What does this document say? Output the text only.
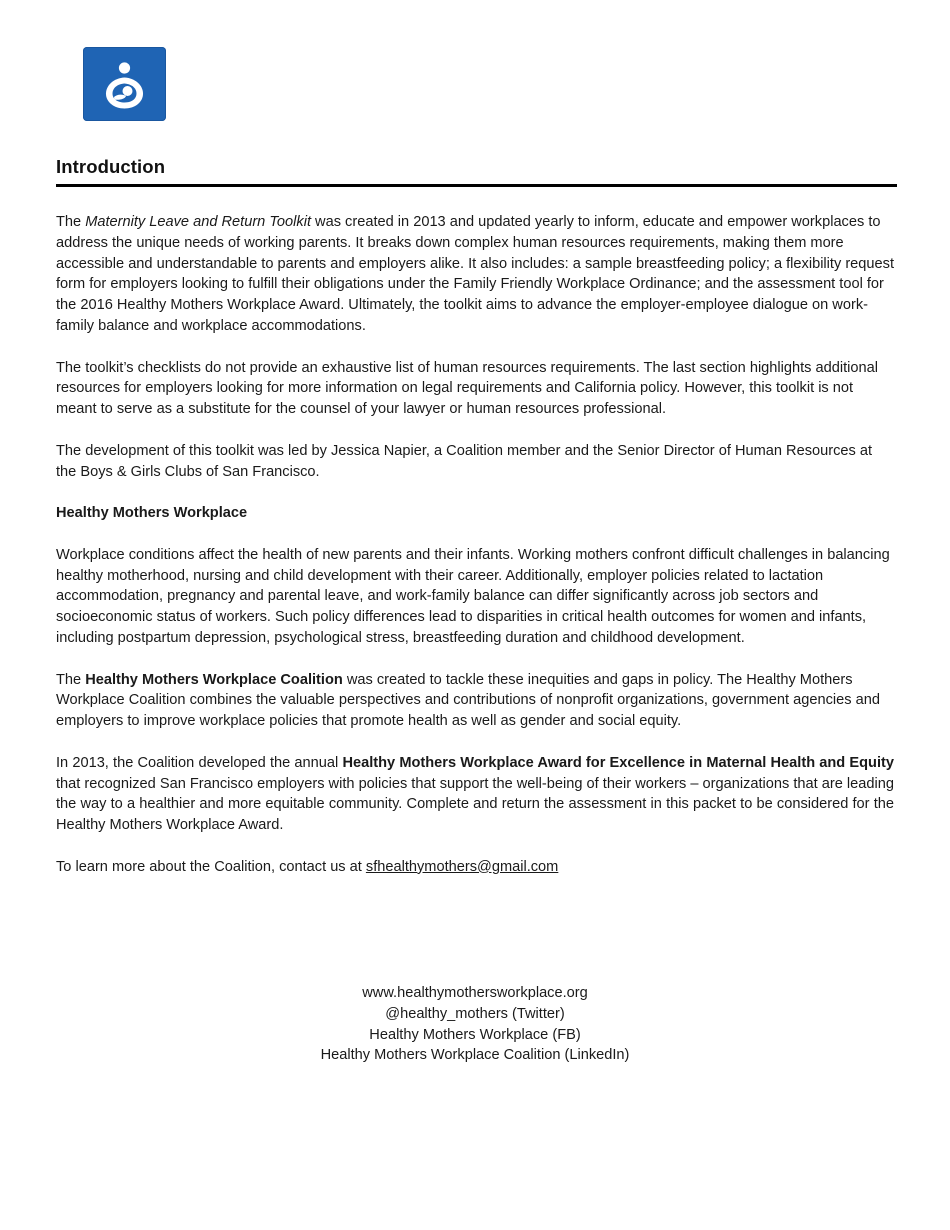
Introduction

The Maternity Leave and Return Toolkit was created in 2013 and updated yearly to inform, educate and empower workplaces to address the unique needs of working parents. It breaks down complex human resources requirements, making them more accessible and understandable to parents and employers alike. It also includes: a sample breastfeeding policy; a flexibility request form for employers looking to fulfill their obligations under the Family Friendly Workplace Ordinance; and the assessment tool for the 2016 Healthy Mothers Workplace Award. Ultimately, the toolkit aims to advance the employer-employee dialogue on work-family balance and workplace accommodations.

The toolkit’s checklists do not provide an exhaustive list of human resources requirements. The last section highlights additional resources for employers looking for more information on legal requirements and California policy. However, this toolkit is not meant to serve as a substitute for the counsel of your lawyer or human resources professional.

The development of this toolkit was led by Jessica Napier, a Coalition member and the Senior Director of Human Resources at the Boys & Girls Clubs of San Francisco.

Healthy Mothers Workplace

Workplace conditions affect the health of new parents and their infants. Working mothers confront difficult challenges in balancing healthy motherhood, nursing and child development with their career. Additionally, employer policies related to lactation accommodation, pregnancy and parental leave, and work-family balance can differ significantly across job sectors and socioeconomic status of workers. Such policy differences lead to disparities in critical health outcomes for women and infants, including postpartum depression, psychological stress, breastfeeding duration and childhood development.

The Healthy Mothers Workplace Coalition was created to tackle these inequities and gaps in policy. The Healthy Mothers Workplace Coalition combines the valuable perspectives and contributions of nonprofit organizations, government agencies and employers to improve workplace policies that promote health as well as gender and social equity.

In 2013, the Coalition developed the annual Healthy Mothers Workplace Award for Excellence in Maternal Health and Equity that recognized San Francisco employers with policies that support the well-being of their workers – organizations that are leading the way to a healthier and more equitable community. Complete and return the assessment in this packet to be considered for the Healthy Mothers Workplace Award.

To learn more about the Coalition, contact us at sfhealthymothers@gmail.com

www.healthymothersworkplace.org
@healthy_mothers (Twitter)
Healthy Mothers Workplace (FB)
Healthy Mothers Workplace Coalition (LinkedIn)
